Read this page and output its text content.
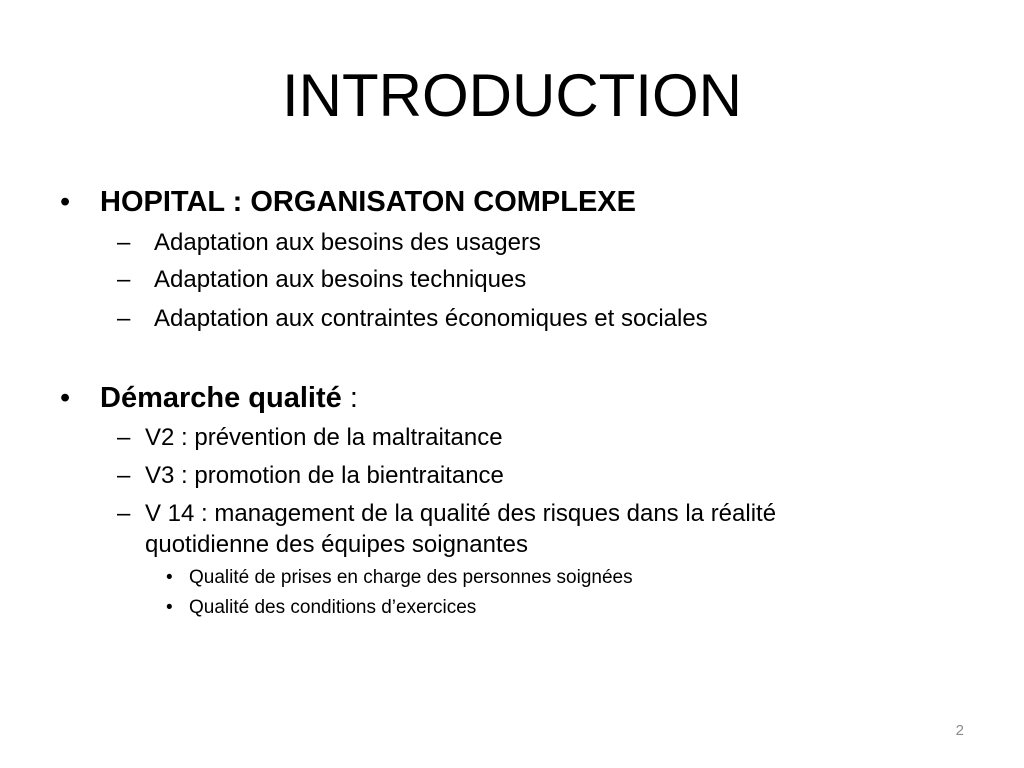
INTRODUCTION
• HOPITAL : ORGANISATON COMPLEXE
– Adaptation aux besoins des usagers
– Adaptation aux besoins techniques
– Adaptation aux contraintes économiques et sociales
• Démarche qualité :
– V2 : prévention de la maltraitance
– V3 : promotion de la bientraitance
– V 14 : management de la qualité des risques dans la réalité
quotidienne des équipes soignantes
• Qualité de prises en charge des personnes soignées
• Qualité des conditions d’exercices
2
